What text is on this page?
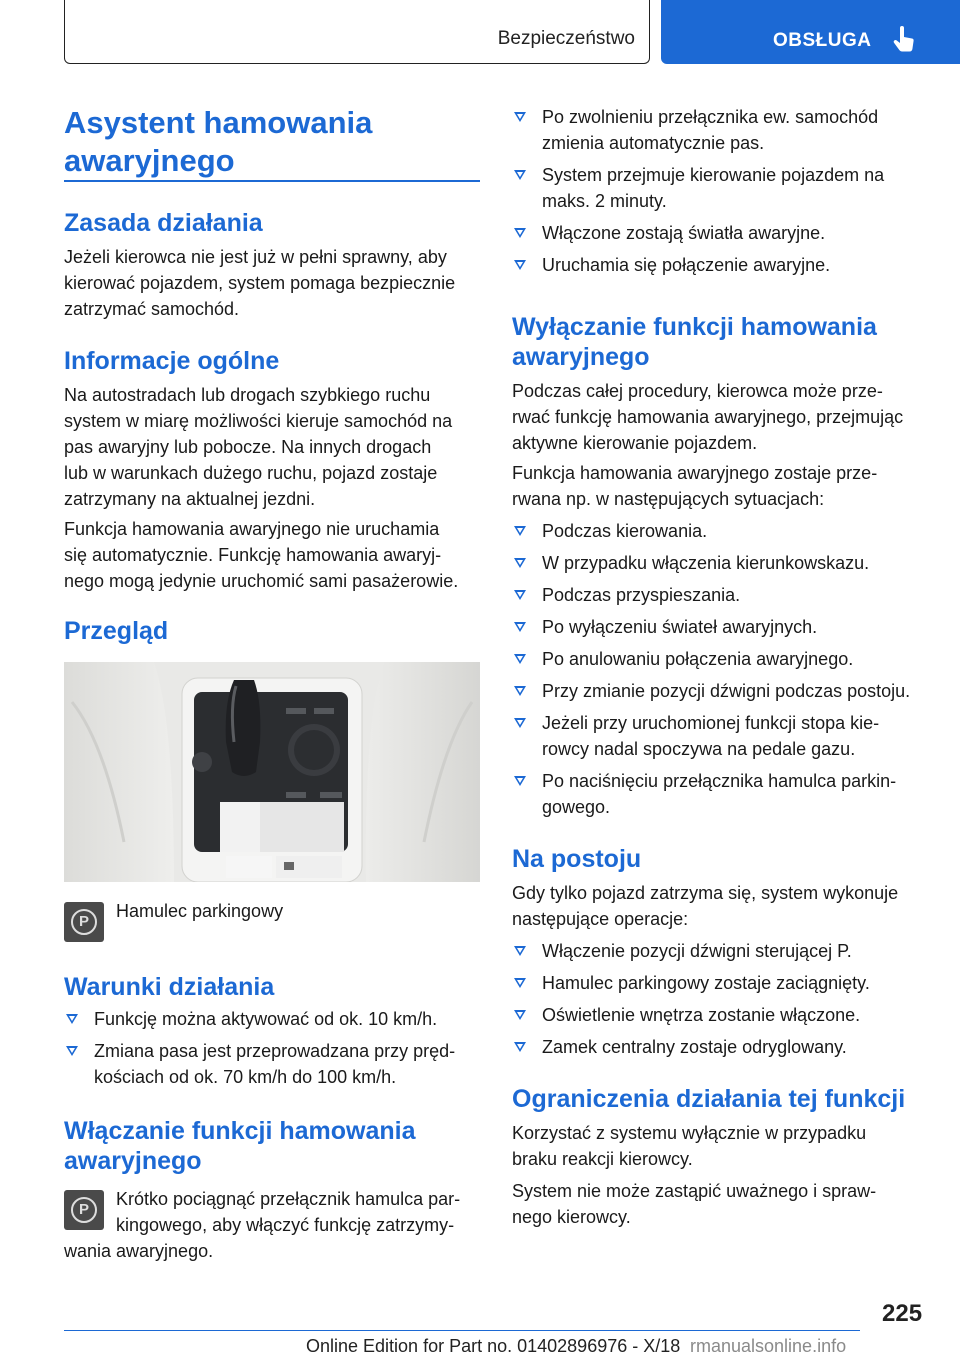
Bezpieczeństwo	OBSŁUGA
Asystent hamowania
awaryjnego
Zasada działania

Jeżeli kierowca nie jest już w pełni sprawny, aby

kierować pojazdem, system pomaga bezpiecznie

zatrzymać samochód.

Informacje ogólne

Na autostradach lub drogach szybkiego ruchu

system w miarę możliwości kieruje samochód na

pas awaryjny lub pobocze. Na innych drogach

lub w warunkach dużego ruchu, pojazd zostaje

zatrzymany na aktualnej jezdni.

Funkcja hamowania awaryjnego nie uruchamia

się automatycznie. Funkcję hamowania awaryj-

nego mogą jedynie uruchomić sami pasażerowie.

Przegląd
P

Hamulec parkingowy

Warunki działania
Funkcję można aktywować od ok. 10 km/h.
Zmiana pasa jest przeprowadzana przy pręd-
kościach od ok. 70 km/h do 100 km/h.
Włączanie funkcji hamowania
awaryjnego
P

Krótko pociągnąć przełącznik hamulca par-

kingowego, aby włączyć funkcję zatrzymy-

wania awaryjnego.

Po zwolnieniu przełącznika ew. samochód
zmienia automatycznie pas.
System przejmuje kierowanie pojazdem na
maks. 2 minuty.
Włączone zostają światła awaryjne.
Uruchamia się połączenie awaryjne.
Wyłączanie funkcji hamowania
awaryjnego

Podczas całej procedury, kierowca może prze-

rwać funkcję hamowania awaryjnego, przejmując

aktywne kierowanie pojazdem.

Funkcja hamowania awaryjnego zostaje prze-

rwana np. w następujących sytuacjach:

Podczas kierowania.
W przypadku włączenia kierunkowskazu.
Podczas przyspieszania.
Po wyłączeniu świateł awaryjnych.
Po anulowaniu połączenia awaryjnego.
Przy zmianie pozycji dźwigni podczas postoju.
Jeżeli przy uruchomionej funkcji stopa kie-
rowcy nadal spoczywa na pedale gazu.
Po naciśnięciu przełącznika hamulca parkin-
gowego.
Na postoju

Gdy tylko pojazd zatrzyma się, system wykonuje

następujące operacje:

Włączenie pozycji dźwigni sterującej P.
Hamulec parkingowy zostaje zaciągnięty.
Oświetlenie wnętrza zostanie włączone.
Zamek centralny zostaje odryglowany.
Ograniczenia działania tej funkcji

Korzystać z systemu wyłącznie w przypadku

braku reakcji kierowcy.

System nie może zastąpić uważnego i spraw-

nego kierowcy.

225
Online Edition for Part no. 01402896976 - X/18 rmanualsonline.info
